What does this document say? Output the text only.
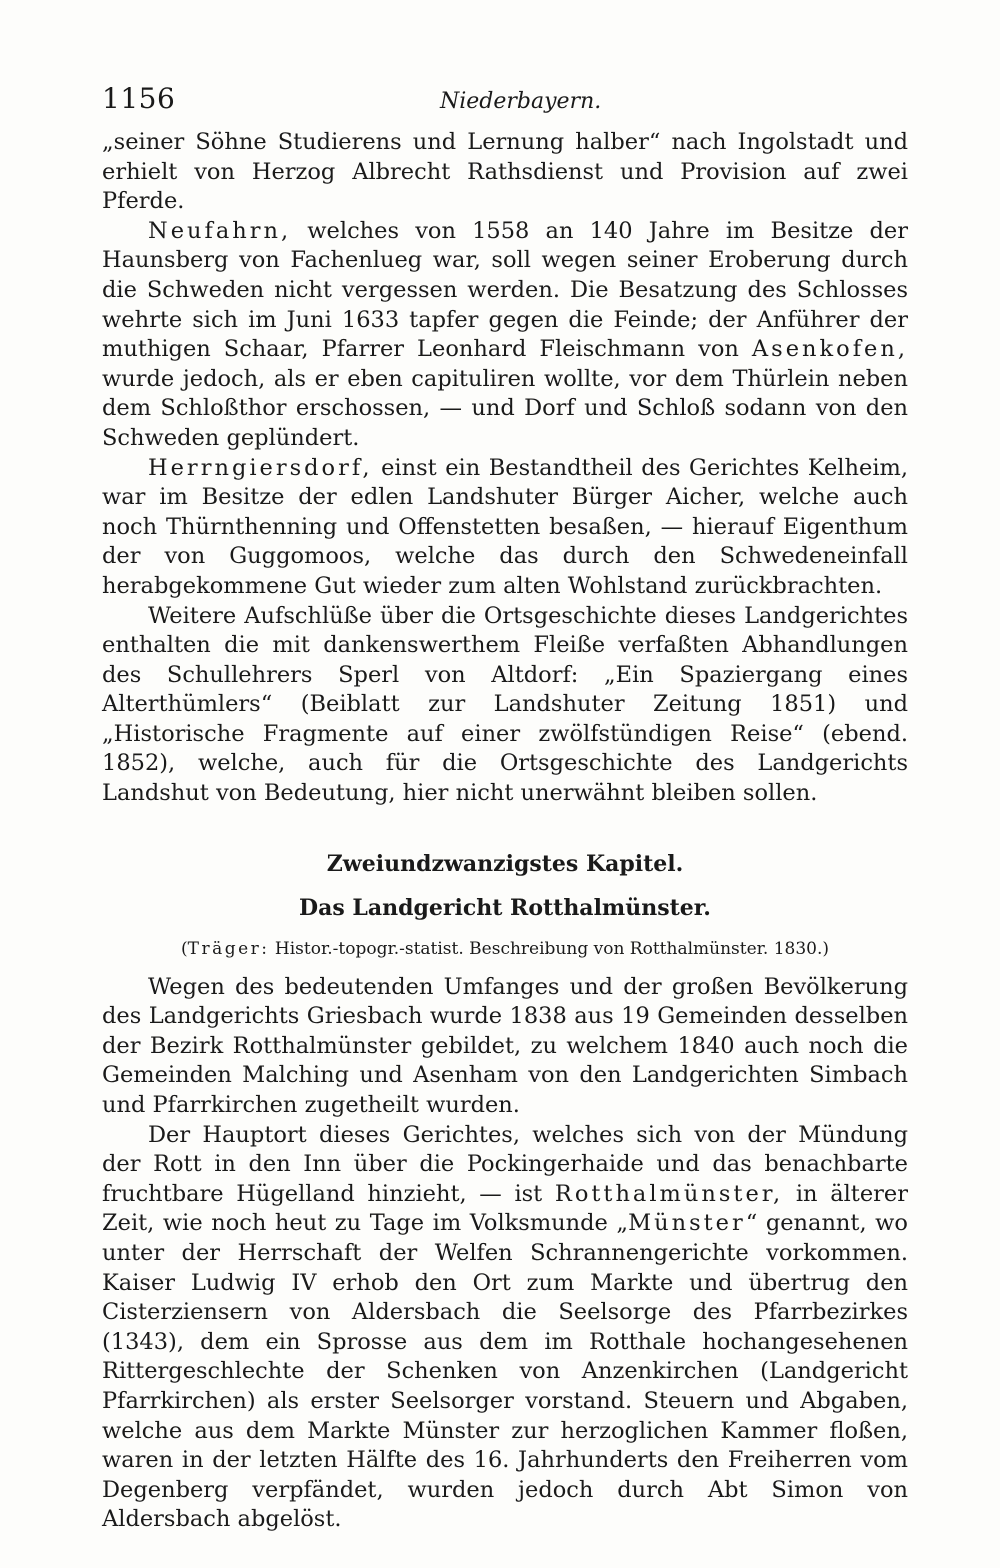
1156	Niederbayern.

„seiner Söhne Studierens und Lernung halber“ nach Ingolstadt und erhielt von Herzog Albrecht Rathsdienst und Provision auf zwei Pferde.

Neufahrn, welches von 1558 an 140 Jahre im Besitze der Haunsberg von Fachenlueg war, soll wegen seiner Eroberung durch die Schweden nicht vergessen werden. Die Besatzung des Schlosses wehrte sich im Juni 1633 tapfer gegen die Feinde; der Anführer der muthigen Schaar, Pfarrer Leonhard Fleischmann von Asenkofen, wurde jedoch, als er eben capituliren wollte, vor dem Thürlein neben dem Schloßthor erschossen, — und Dorf und Schloß sodann von den Schweden geplündert.

Herrngiersdorf, einst ein Bestandtheil des Gerichtes Kelheim, war im Besitze der edlen Landshuter Bürger Aicher, welche auch noch Thürnthenning und Offenstetten besaßen, — hierauf Eigenthum der von Guggomoos, welche das durch den Schwedeneinfall herabgekommene Gut wieder zum alten Wohlstand zurückbrachten.

Weitere Aufschlüße über die Ortsgeschichte dieses Landgerichtes enthalten die mit dankenswerthem Fleiße verfaßten Abhandlungen des Schullehrers Sperl von Altdorf: „Ein Spaziergang eines Alterthümlers“ (Beiblatt zur Landshuter Zeitung 1851) und „Historische Fragmente auf einer zwölfstündigen Reise“ (ebend. 1852), welche, auch für die Ortsgeschichte des Landgerichts Landshut von Bedeutung, hier nicht unerwähnt bleiben sollen.

Zweiundzwanzigstes Kapitel.
Das Landgericht Rotthalmünster.
(Träger: Histor.-topogr.-statist. Beschreibung von Rotthalmünster. 1830.)

Wegen des bedeutenden Umfanges und der großen Bevölkerung des Landgerichts Griesbach wurde 1838 aus 19 Gemeinden desselben der Bezirk Rotthalmünster gebildet, zu welchem 1840 auch noch die Gemeinden Malching und Asenham von den Landgerichten Simbach und Pfarrkirchen zugetheilt wurden.

Der Hauptort dieses Gerichtes, welches sich von der Mündung der Rott in den Inn über die Pockingerhaide und das benachbarte fruchtbare Hügelland hinzieht, — ist Rotthalmünster, in älterer Zeit, wie noch heut zu Tage im Volksmunde „Münster“ genannt, wo unter der Herrschaft der Welfen Schrannengerichte vorkommen. Kaiser Ludwig IV erhob den Ort zum Markte und übertrug den Cisterziensern von Aldersbach die Seelsorge des Pfarrbezirkes (1343), dem ein Sprosse aus dem im Rotthale hochangesehenen Rittergeschlechte der Schenken von Anzenkirchen (Landgericht Pfarrkirchen) als erster Seelsorger vorstand. Steuern und Abgaben, welche aus dem Markte Münster zur herzoglichen Kammer floßen, waren in der letzten Hälfte des 16. Jahrhunderts den Freiherren vom Degenberg verpfändet, wurden jedoch durch Abt Simon von Aldersbach abgelöst.
